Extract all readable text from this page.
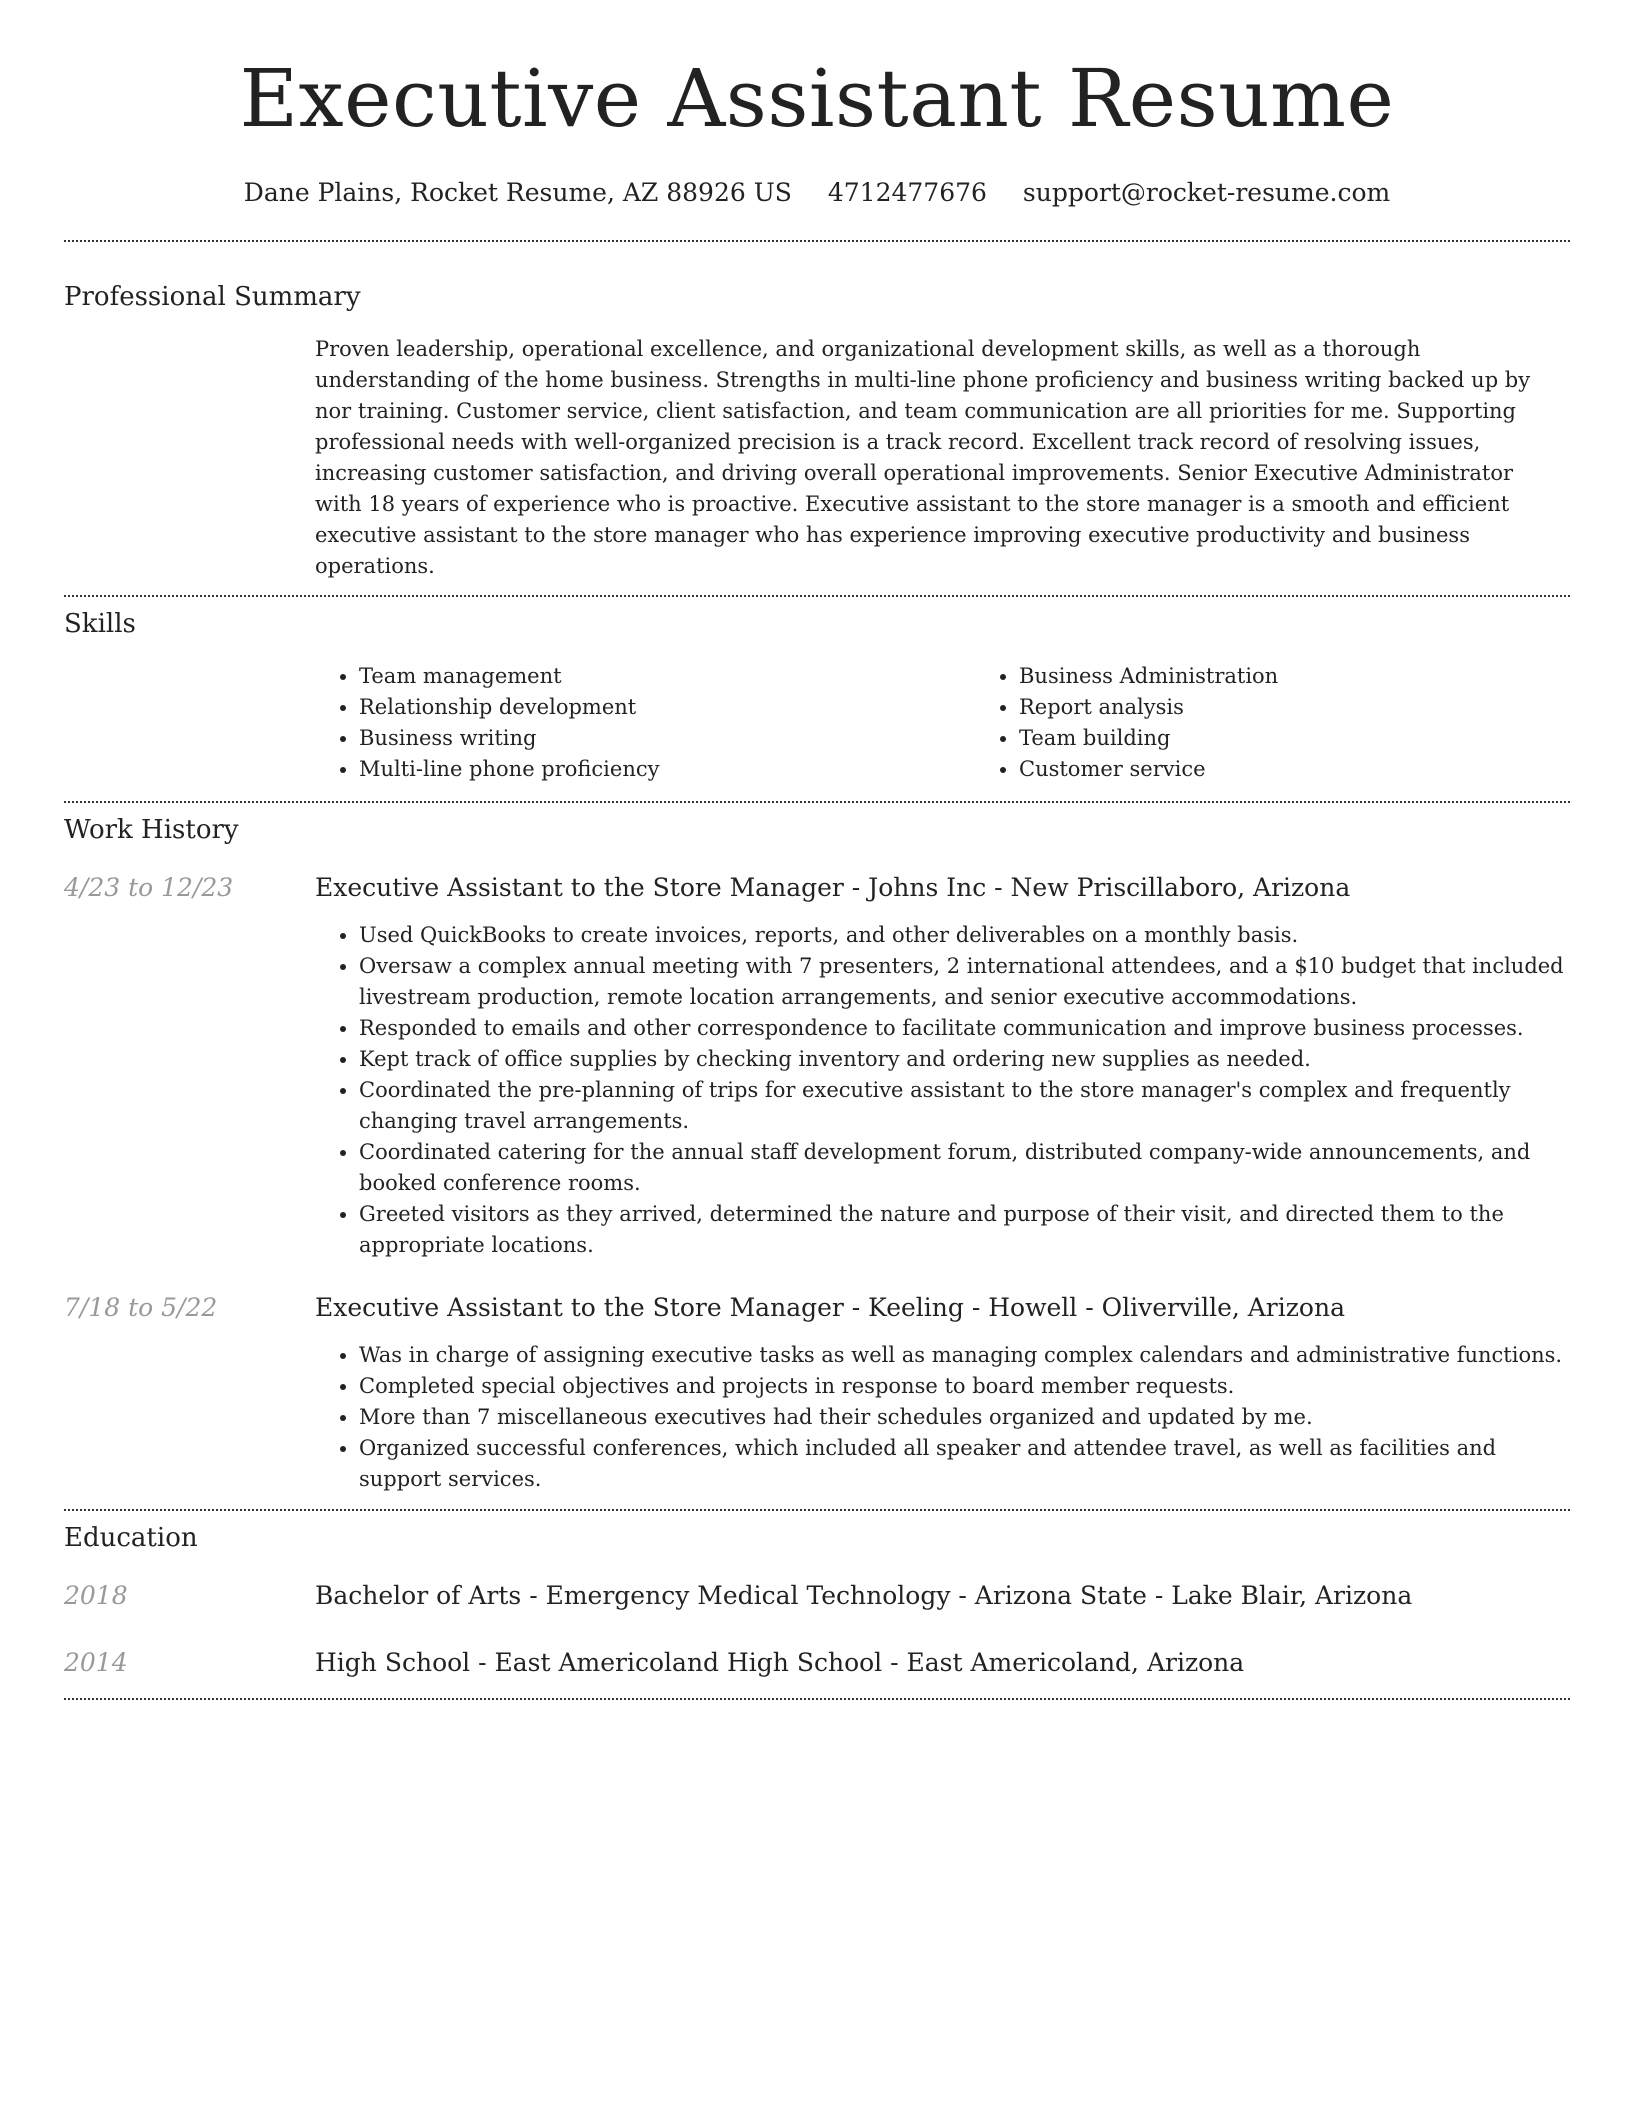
Executive Assistant Resume
Dane Plains, Rocket Resume, AZ 88926 US 4712477676 support@rocket-resume.com
Professional Summary
Proven leadership, operational excellence, and organizational development skills, as well as a thorough understanding of the home business. Strengths in multi-line phone proficiency and business writing backed up by nor training. Customer service, client satisfaction, and team communication are all priorities for me. Supporting professional needs with well-organized precision is a track record. Excellent track record of resolving issues, increasing customer satisfaction, and driving overall operational improvements. Senior Executive Administrator with 18 years of experience who is proactive. Executive assistant to the store manager is a smooth and efficient executive assistant to the store manager who has experience improving executive productivity and business operations.
Skills
• Team management
• Relationship development
• Business writing
• Multi-line phone proficiency
• Business Administration
• Report analysis
• Team building
• Customer service
Work History
4/23 to 12/23	Executive Assistant to the Store Manager - Johns Inc - New Priscillaboro, Arizona
• Used QuickBooks to create invoices, reports, and other deliverables on a monthly basis.
• Oversaw a complex annual meeting with 7 presenters, 2 international attendees, and a $10 budget that included livestream production, remote location arrangements, and senior executive accommodations.
• Responded to emails and other correspondence to facilitate communication and improve business processes.
• Kept track of office supplies by checking inventory and ordering new supplies as needed.
• Coordinated the pre-planning of trips for executive assistant to the store manager's complex and frequently changing travel arrangements.
• Coordinated catering for the annual staff development forum, distributed company-wide announcements, and booked conference rooms.
• Greeted visitors as they arrived, determined the nature and purpose of their visit, and directed them to the appropriate locations.
7/18 to 5/22	Executive Assistant to the Store Manager - Keeling - Howell - Oliverville, Arizona
• Was in charge of assigning executive tasks as well as managing complex calendars and administrative functions.
• Completed special objectives and projects in response to board member requests.
• More than 7 miscellaneous executives had their schedules organized and updated by me.
• Organized successful conferences, which included all speaker and attendee travel, as well as facilities and support services.
Education
2018	Bachelor of Arts - Emergency Medical Technology - Arizona State - Lake Blair, Arizona
2014	High School - East Americoland High School - East Americoland, Arizona
